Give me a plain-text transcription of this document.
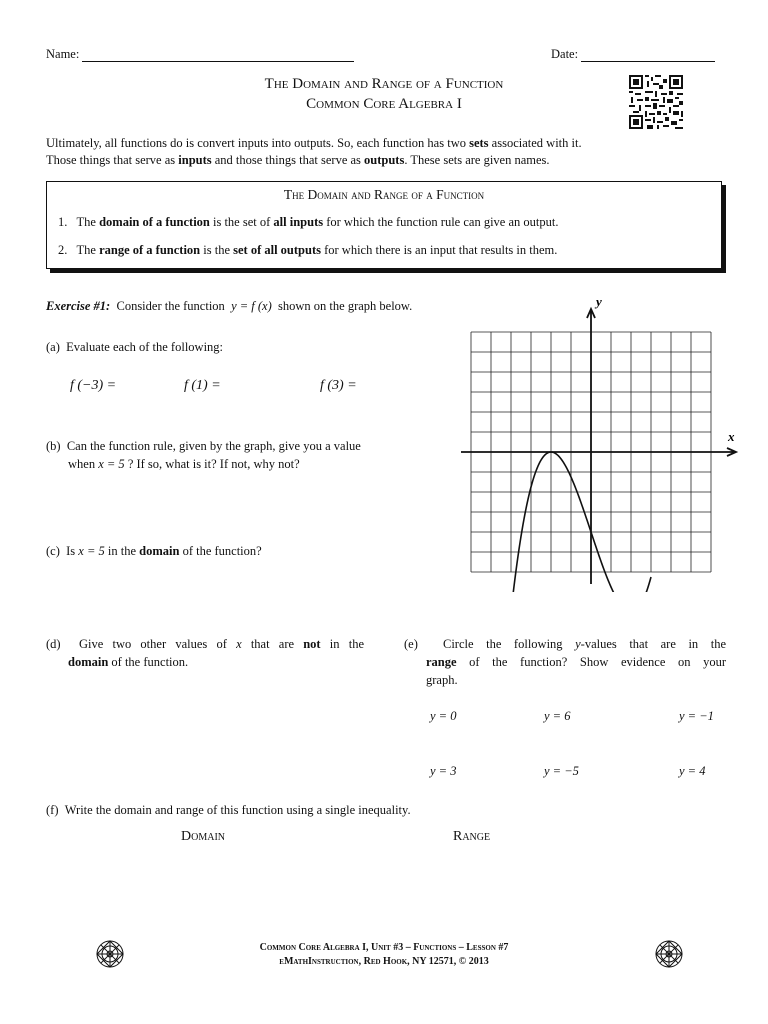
Name:	Date:
The Domain and Range of a Function
Common Core Algebra I
Ultimately, all functions do is convert inputs into outputs. So, each function has two sets associated with it.
Those things that serve as inputs and those things that serve as outputs. These sets are given names.
The Domain and Range of a Function
1. The domain of a function is the set of all inputs for which the function rule can give an output.
2. The range of a function is the set of all outputs for which there is an input that results in them.
Exercise #1:  Consider the function  y = f (x)  shown on the graph below.
(a) Evaluate each of the following:
f (−3) =	f (1) =	f (3) =
(b) Can the function rule, given by the graph, give you a value
when x = 5 ? If so, what is it? If not, why not?
(c) Is x = 5 in the domain of the function?
x
y
(d) Give two other values of x that are not in the
domain of the function.
(e) Circle the following y-values that are in the
range of the function? Show evidence on your
graph.
y = 0	y = 6	y = −1
y = 3	y = −5	y = 4
(f) Write the domain and range of this function using a single inequality.
Domain	Range
Common Core Algebra I, Unit #3 – Functions – Lesson #7
eMathInstruction, Red Hook, NY 12571, © 2013
